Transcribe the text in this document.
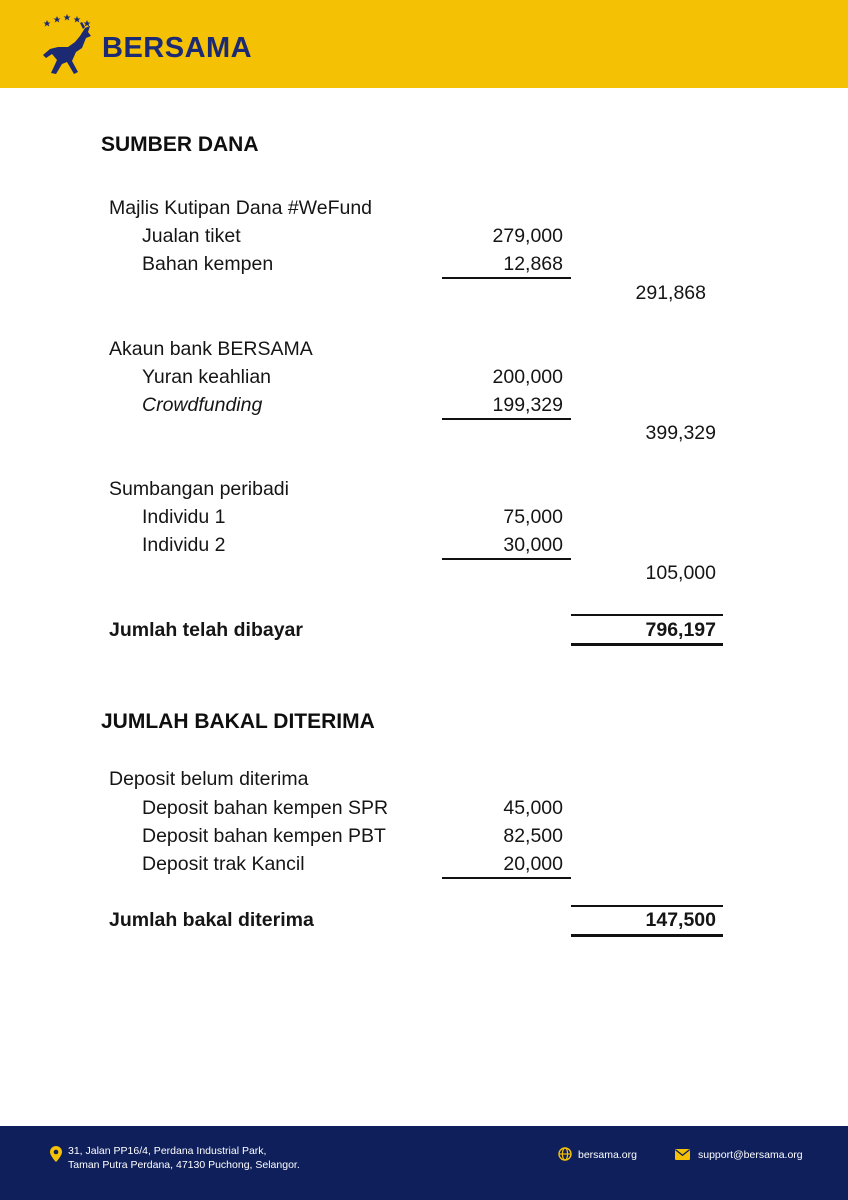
BERSAMA
SUMBER DANA
Majlis Kutipan Dana #WeFund
Jualan tiket	279,000
Bahan kempen	12,868
291,868
Akaun bank BERSAMA
Yuran keahlian	200,000
Crowdfunding	199,329
399,329
Sumbangan peribadi
Individu 1	75,000
Individu 2	30,000
105,000
Jumlah telah dibayar	796,197
JUMLAH BAKAL DITERIMA
Deposit belum diterima
Deposit bahan kempen SPR	45,000
Deposit bahan kempen PBT	82,500
Deposit trak Kancil	20,000
Jumlah bakal diterima	147,500
31, Jalan PP16/4, Perdana Industrial Park,
Taman Putra Perdana, 47130 Puchong, Selangor.
bersama.org	support@bersama.org
